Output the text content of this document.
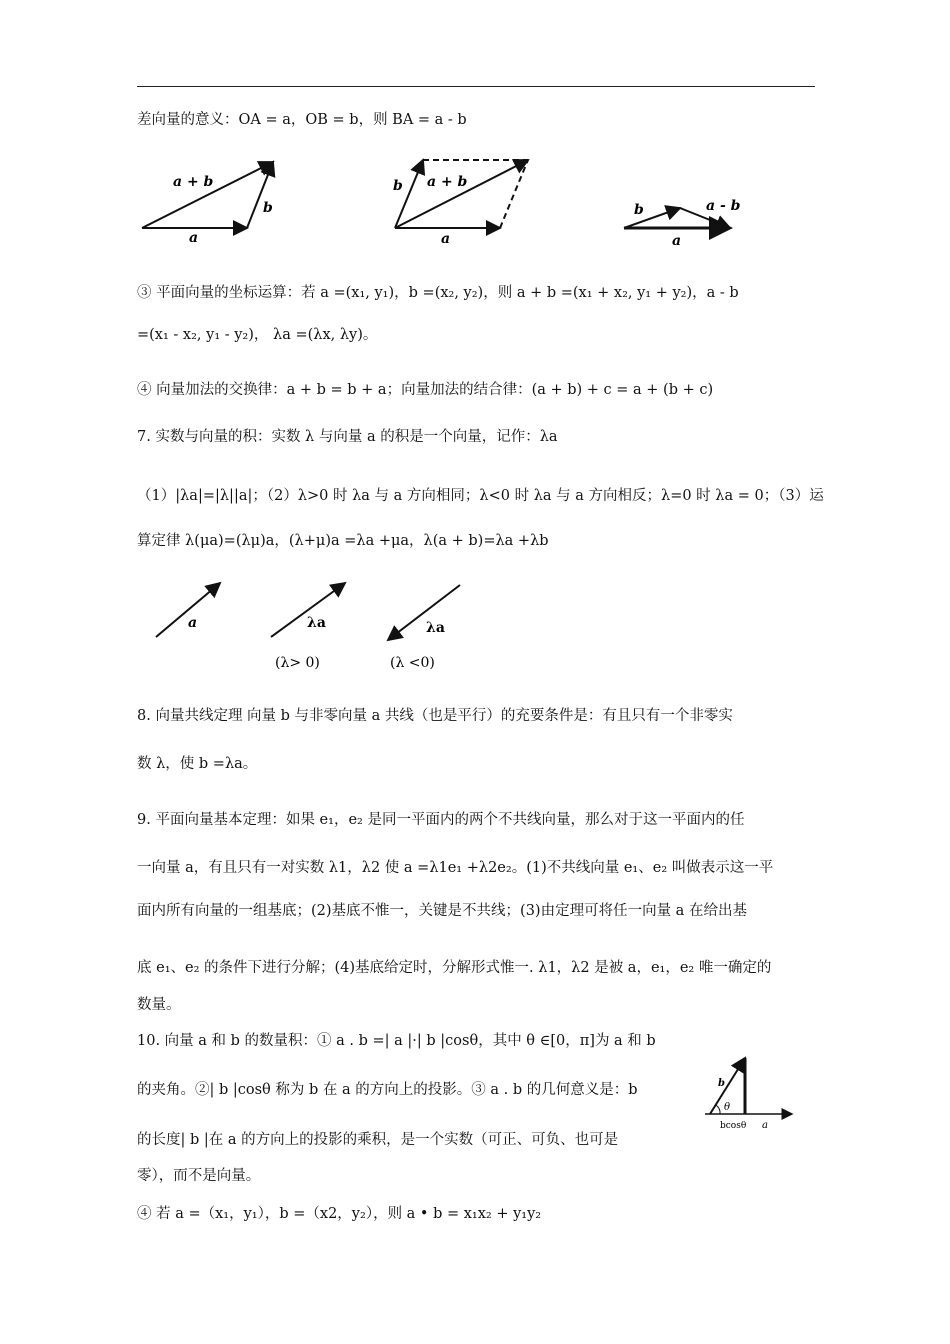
差向量的意义：OA = a，OB = b，则 BA = a - b
a
b
a + b
a
b a + b
a
b	a - b
③ 平面向量的坐标运算：若 a =(x₁, y₁)，b =(x₂, y₂)，则 a + b =(x₁ + x₂, y₁ + y₂)，a - b
=(x₁ - x₂, y₁ - y₂)， λa =(λx, λy)。
④ 向量加法的交换律：a + b = b + a；向量加法的结合律：(a + b) + c = a + (b + c)
7. 实数与向量的积：实数 λ 与向量 a 的积是一个向量，记作：λa
（1）|λa|=|λ||a|；（2）λ>0 时 λa 与 a 方向相同；λ<0 时 λa 与 a 方向相反；λ=0 时 λa = 0；（3）运
算定律 λ(μa)=(λμ)a，(λ+μ)a =λa +μa，λ(a + b)=λa +λb
a	λa
(λ> 0)
λa
(λ <0)
8. 向量共线定理 向量 b 与非零向量 a 共线（也是平行）的充要条件是：有且只有一个非零实
数 λ，使 b =λa。
9. 平面向量基本定理：如果 e₁，e₂ 是同一平面内的两个不共线向量，那么对于这一平面内的任
一向量 a，有且只有一对实数 λ1，λ2 使 a =λ1e₁ +λ2e₂。(1)不共线向量 e₁、e₂ 叫做表示这一平
面内所有向量的一组基底；(2)基底不惟一，关键是不共线；(3)由定理可将任一向量 a 在给出基
底 e₁、e₂ 的条件下进行分解；(4)基底给定时，分解形式惟一. λ1，λ2 是被 a，e₁，e₂ 唯一确定的
数量。
10. 向量 a 和 b 的数量积：① a . b =| a |·| b |cosθ，其中 θ ∈[0，π]为 a 和 b
的夹角。②| b |cosθ 称为 b 在 a 的方向上的投影。③ a . b 的几何意义是：b
的长度| b |在 a 的方向上的投影的乘积，是一个实数（可正、可负、也可是
零），而不是向量。
④ 若 a =（x₁，y₁），b =（x2，y₂），则 a • b = x₁x₂ + y₁y₂
b
θ
bcosθ a
